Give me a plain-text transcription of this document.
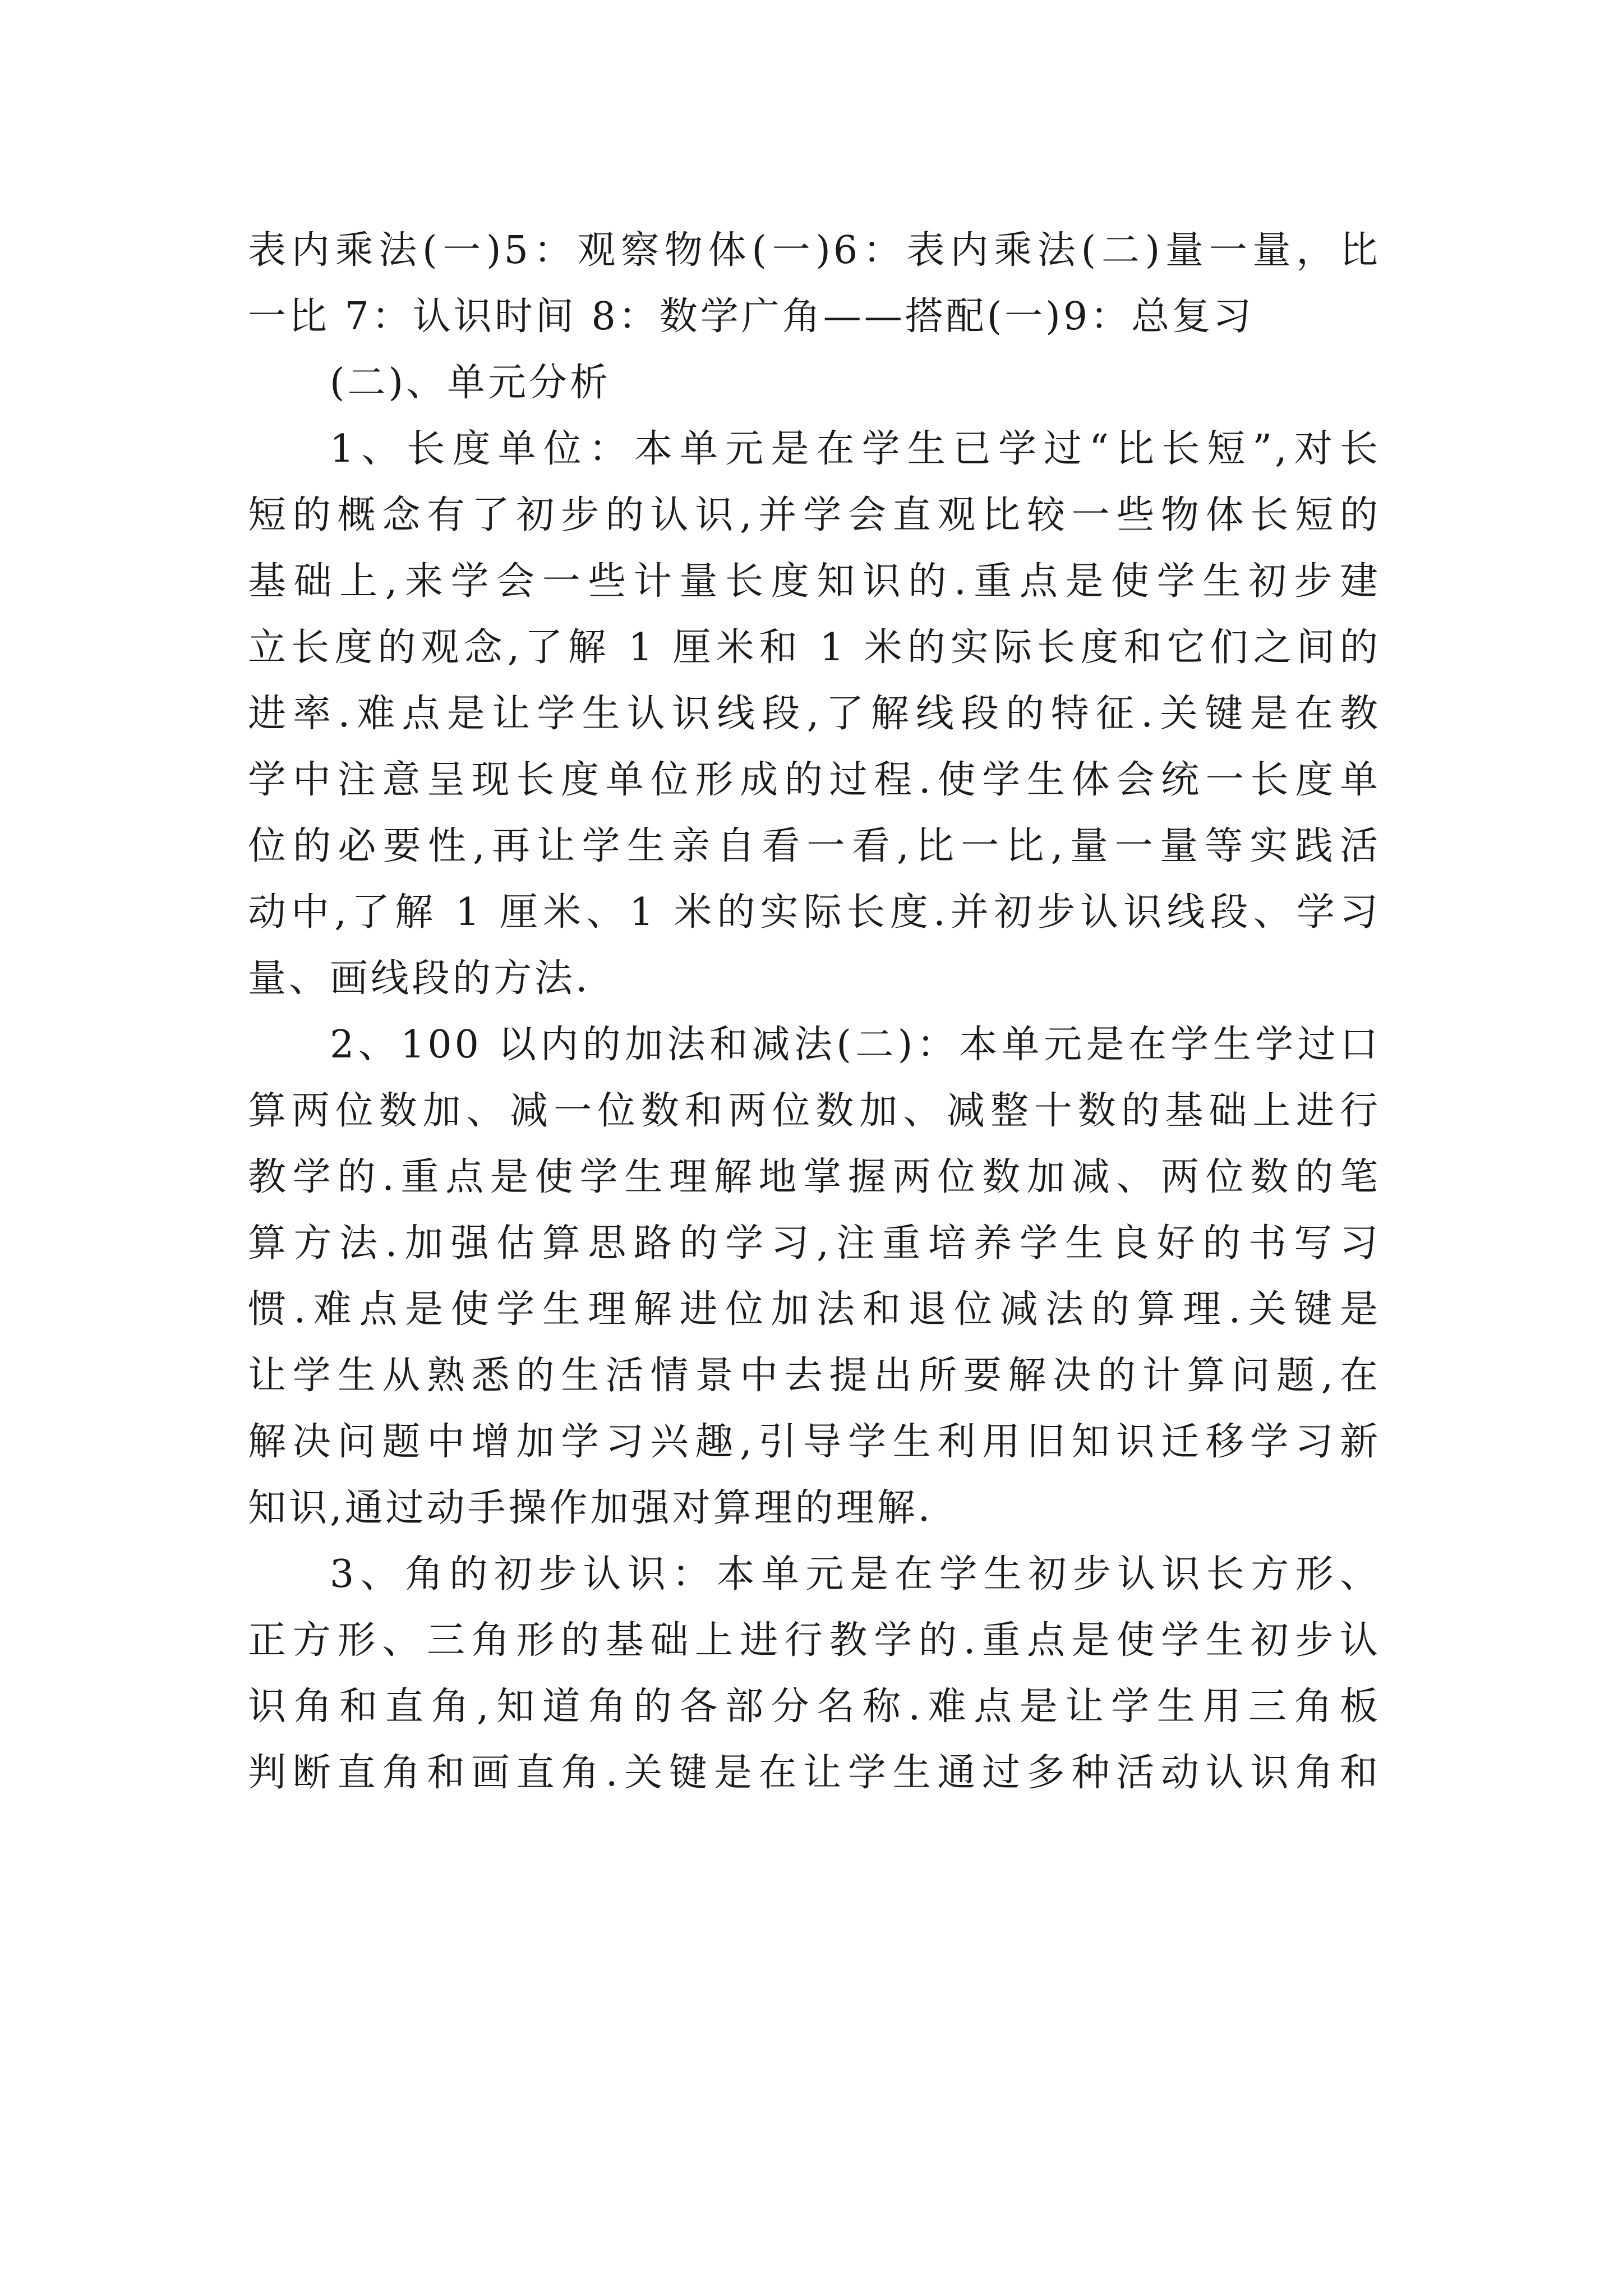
表内乘法(一)5：观察物体(一)6：表内乘法(二)量一量，比
一比 7：认识时间 8：数学广角——搭配(一)9：总复习
(二)、单元分析
1、长度单位：本单元是在学生已学过“比长短”,对长
短的概念有了初步的认识,并学会直观比较一些物体长短的
基础上,来学会一些计量长度知识的.重点是使学生初步建
立长度的观念,了解 1 厘米和 1 米的实际长度和它们之间的
进率.难点是让学生认识线段,了解线段的特征.关键是在教
学中注意呈现长度单位形成的过程.使学生体会统一长度单
位的必要性,再让学生亲自看一看,比一比,量一量等实践活
动中,了解 1 厘米、1 米的实际长度.并初步认识线段、学习
量、画线段的方法.
2、100 以内的加法和减法(二)：本单元是在学生学过口
算两位数加、减一位数和两位数加、减整十数的基础上进行
教学的.重点是使学生理解地掌握两位数加减、两位数的笔
算方法.加强估算思路的学习,注重培养学生良好的书写习
惯.难点是使学生理解进位加法和退位减法的算理.关键是
让学生从熟悉的生活情景中去提出所要解决的计算问题,在
解决问题中增加学习兴趣,引导学生利用旧知识迁移学习新
知识,通过动手操作加强对算理的理解.
3、角的初步认识：本单元是在学生初步认识长方形、
正方形、三角形的基础上进行教学的.重点是使学生初步认
识角和直角,知道角的各部分名称.难点是让学生用三角板
判断直角和画直角.关键是在让学生通过多种活动认识角和
